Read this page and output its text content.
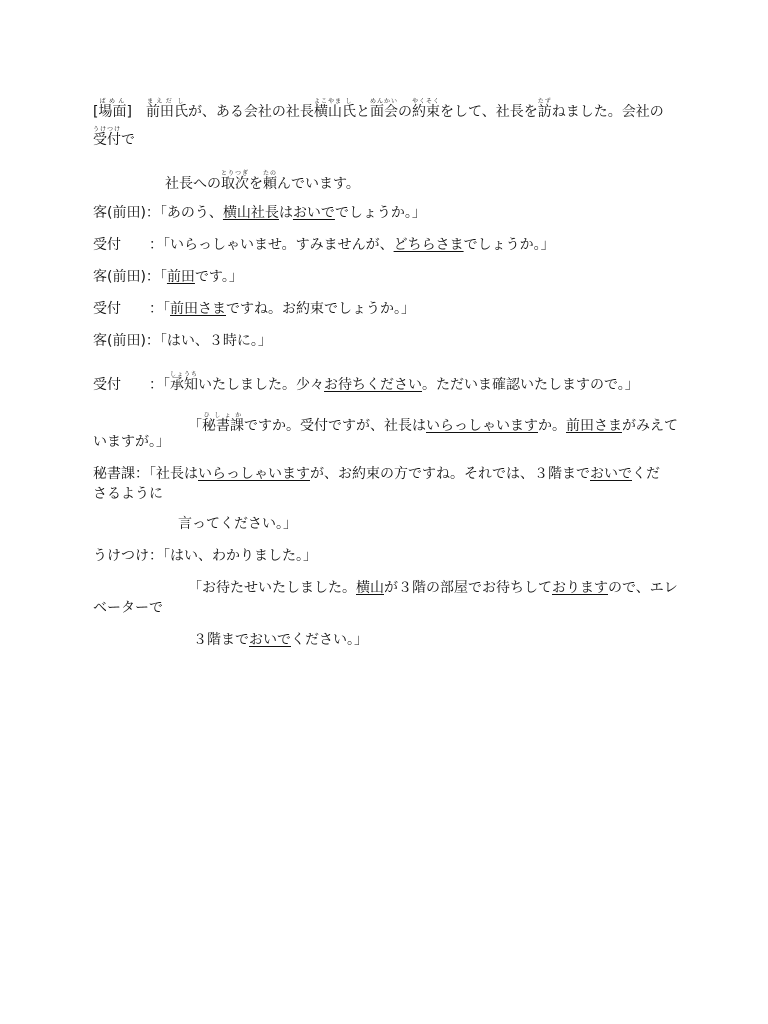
[場面ばめん]　前田まえだ氏しが、ある会社の社長横山よこやま氏しと面会めんかいの約束やくそくをして、社長を訪たずねました。会社の
受付うけつけで
社長への取次とりつぎを頼たのんでいます。
客(前田)：「あのう、横山社長はおいででしょうか。」
受付　　：「いらっしゃいませ。すみませんが、どちらさまでしょうか。」
客(前田)：「前田です。」
受付　　：「前田さまですね。お約束でしょうか。」
客(前田)：「はい、３時に。」
受付　　：「承知しょうちいたしました。少々お待ちください。ただいま確認いたしますので。」
「秘書課ひしょかですか。受付ですが、社長はいらっしゃいますか。前田さまがみえて
いますが。」
秘書課：「社長はいらっしゃいますが、お約束の方ですね。それでは、３階までおいでくだ
さるように
言ってください。」
うけつけ：「はい、わかりました。」
「お待たせいたしました。横山が３階の部屋でお待ちしておりますので、エレ
ベーターで
３階までおいでください。」
